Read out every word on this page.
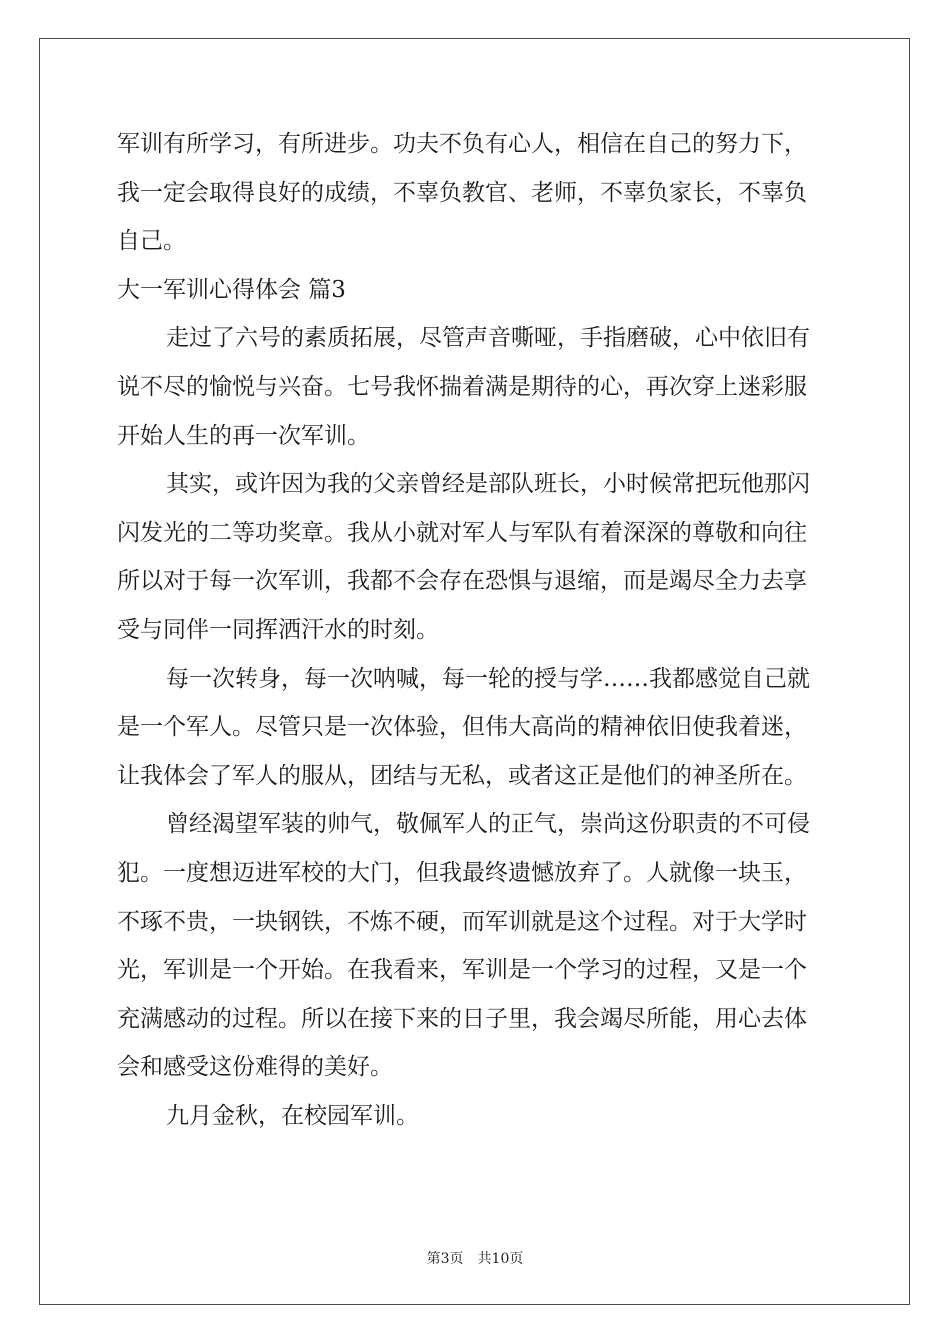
军训有所学习，有所进步。功夫不负有心人，相信在自己的努力下，
我一定会取得良好的成绩，不辜负教官、老师，不辜负家长，不辜负
自己。
大一军训心得体会 篇3
走过了六号的素质拓展，尽管声音嘶哑，手指磨破，心中依旧有
说不尽的愉悦与兴奋。七号我怀揣着满是期待的心，再次穿上迷彩服
开始人生的再一次军训。
其实，或许因为我的父亲曾经是部队班长，小时候常把玩他那闪
闪发光的二等功奖章。我从小就对军人与军队有着深深的尊敬和向往
所以对于每一次军训，我都不会存在恐惧与退缩，而是竭尽全力去享
受与同伴一同挥洒汗水的时刻。
每一次转身，每一次呐喊，每一轮的授与学……我都感觉自己就
是一个军人。尽管只是一次体验，但伟大高尚的精神依旧使我着迷，
让我体会了军人的服从，团结与无私，或者这正是他们的神圣所在。
曾经渴望军装的帅气，敬佩军人的正气，崇尚这份职责的不可侵
犯。一度想迈进军校的大门，但我最终遗憾放弃了。人就像一块玉，
不琢不贵，一块钢铁，不炼不硬，而军训就是这个过程。对于大学时
光，军训是一个开始。在我看来，军训是一个学习的过程，又是一个
充满感动的过程。所以在接下来的日子里，我会竭尽所能，用心去体
会和感受这份难得的美好。
九月金秋，在校园军训。
第3页　共10页
